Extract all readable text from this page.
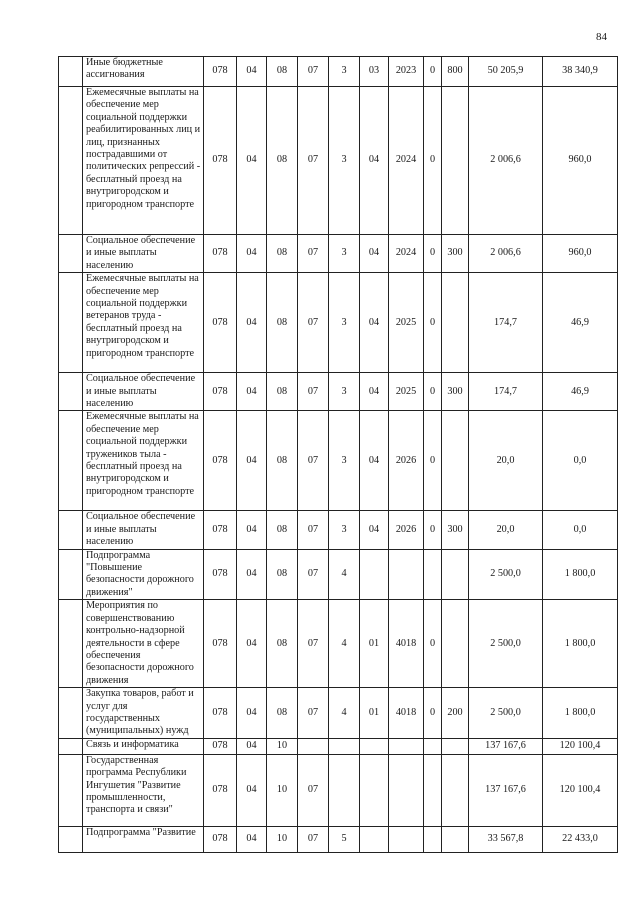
84
	Иные бюджетные ассигнования	078	04	08	07	3	03	2023	0	800	50 205,9	38 340,9
	Ежемесячные выплаты на обеспечение мер социальной поддержки реабилитированных лиц и лиц, признанных пострадавшими от политических репрессий - бесплатный проезд на внутригородском и пригородном транспорте	078	04	08	07	3	04	2024	0		2 006,6	960,0
	Социальное обеспечение и иные выплаты населению	078	04	08	07	3	04	2024	0	300	2 006,6	960,0
	Ежемесячные выплаты на обеспечение мер социальной поддержки ветеранов труда - бесплатный проезд на внутригородском и пригородном транспорте	078	04	08	07	3	04	2025	0		174,7	46,9
	Социальное обеспечение и иные выплаты населению	078	04	08	07	3	04	2025	0	300	174,7	46,9
	Ежемесячные выплаты на обеспечение мер социальной поддержки тружеников тыла - бесплатный проезд на внутригородском и пригородном транспорте	078	04	08	07	3	04	2026	0		20,0	0,0
	Социальное обеспечение и иные выплаты населению	078	04	08	07	3	04	2026	0	300	20,0	0,0
	Подпрограмма "Повышение безопасности дорожного движения"	078	04	08	07	4					2 500,0	1 800,0
	Мероприятия по совершенствованию контрольно-надзорной деятельности в сфере обеспечения безопасности дорожного движения	078	04	08	07	4	01	4018	0		2 500,0	1 800,0
	Закупка товаров, работ и услуг для государственных (муниципальных) нужд	078	04	08	07	4	01	4018	0	200	2 500,0	1 800,0
	Связь и информатика	078	04	10							137 167,6	120 100,4
	Государственная программа Республики Ингушетия "Развитие промышленности, транспорта и связи"	078	04	10	07						137 167,6	120 100,4
	Подпрограмма "Развитие	078	04	10	07	5					33 567,8	22 433,0
